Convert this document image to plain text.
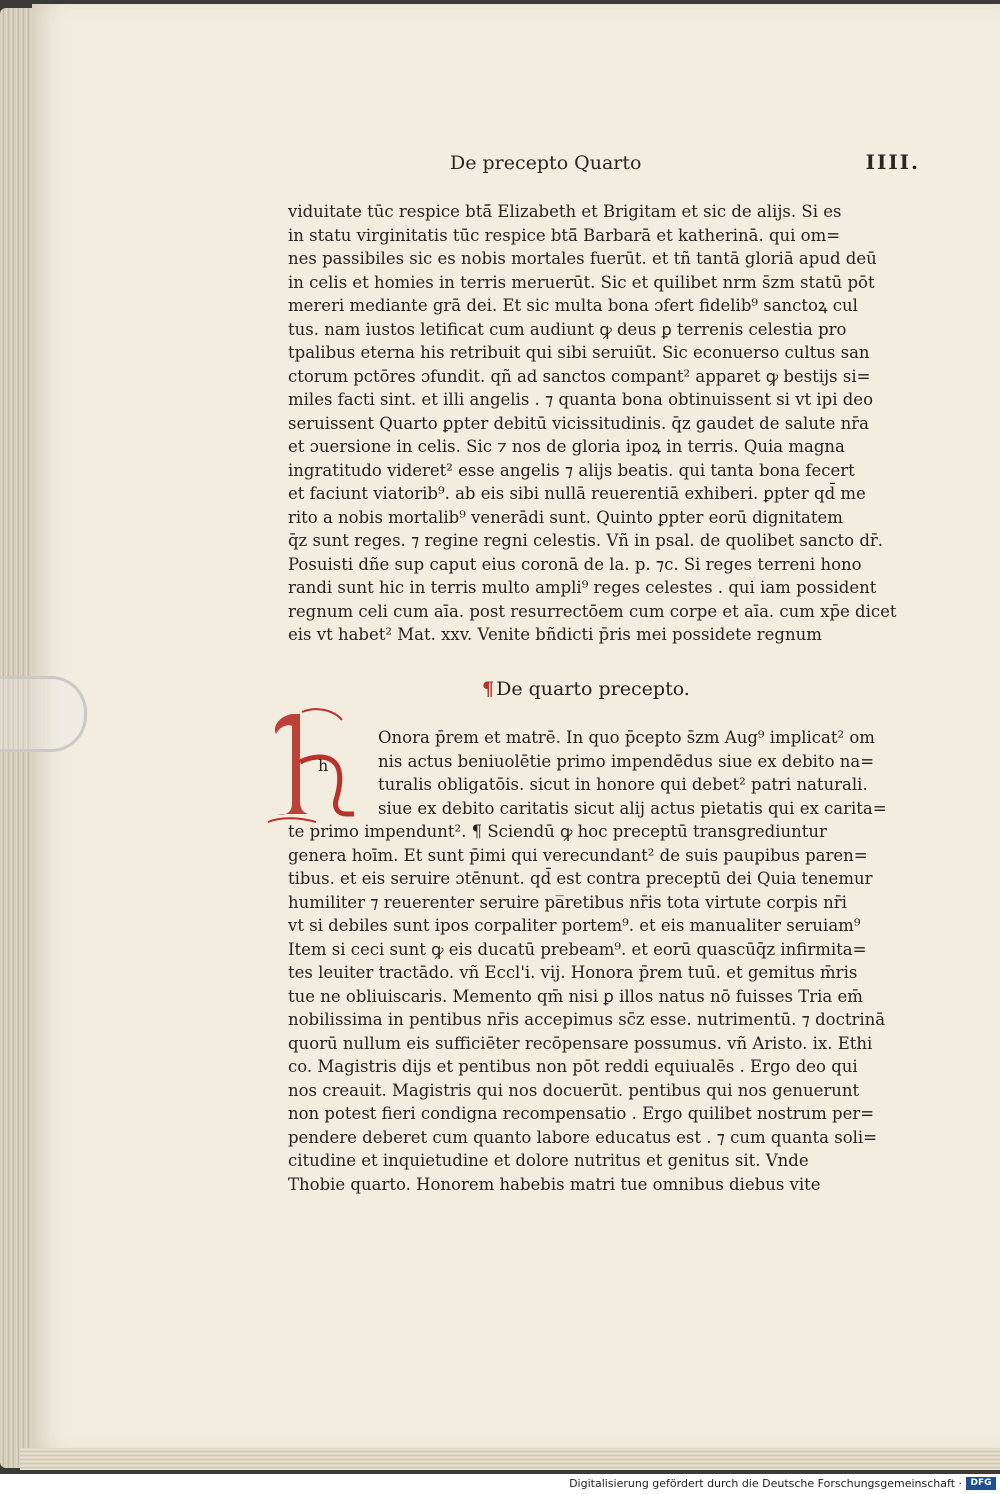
De precepto Quarto	IIII.
viduitate tūc respice btā̄ Elizabeth et Brigitam et sic de alijs. Si es
in statu virginitatis tūc respice btā̄ Barbarā et katherinā. qui om=
nes passibiles sic es nobis mortales fuerūt. et tñ tantā gloriā apud deū
in celis et homies in terris meruerūt. Sic et quilibet nrm s̄zm statū pōt
mereri mediante grā dei. Et sic multa bona ɔfert fidelib⁹ sanctoꝝ cul
tus. nam iustos letificat cum audiunt ꝙ deus ꝑ terrenis celestia pro
tpalibus eterna his retribuit qui sibi seruiūt. Sic econuerso cultus san
ctorum pctōres ɔfundit. qñ ad sanctos compant² apparet ꝙ bestijs si=
miles facti sint. et illi angelis . ⁊ quanta bona obtinuissent si vt ipi deo
seruissent Quarto ꝑpter debitū vicissitudinis. q̄z gaudet de salute nr̄a
et ɔuersione in celis. Sic ⁊ nos de gloria ipoꝝ in terris. Quia magna
ingratitudo videret² esse angelis ⁊ alijs beatis. qui tanta bona fecert
et faciunt viatorib⁹. ab eis sibi nullā reuerentiā exhiberi. ꝑpter qd̄ me
rito a nobis mortalib⁹ venerādi sunt. Quinto ꝑpter eorū dignitatem
q̄z sunt reges. ⁊ regine regni celestis. Vñ in psal. de quolibet sancto dr̄.
Posuisti dñe sup caput eius coronā de la. p. ⁊c. Si reges terreni hono
randi sunt hic in terris multo ampli⁹ reges celestes . qui iam possident
regnum celi cum aīa. post resurrectōem cum corpe et aīa. cum xp̄e dicet
eis vt habet² Mat. xxv. Venite bñdicti p̄ris mei possidete regnum
¶ De quarto precepto.
h
Onora p̄rem et matrē. In quo p̄cepto s̄zm Aug⁹ implicat² om
nis actus beniuolētie primo impendēdus siue ex debito na=
turalis obligatōis. sicut in honore qui debet² patri naturali.
siue ex debito caritatis sicut alij actus pietatis qui ex carita=
te primo impendunt². ¶ Sciendū ꝙ hoc preceptū transgrediuntur
genera hoīm. Et sunt p̄imi qui verecundant² de suis paupibus paren=
tibus. et eis seruire ɔtēnunt. qd̄ est contra preceptū dei Quia tenemur
humiliter ⁊ reuerenter seruire pa̅retibus nr̄is tota virtute corpis nr̄i
vt si debiles sunt ipos corpaliter portem⁹. et eis manualiter seruiam⁹
Item si ceci sunt ꝙ eis ducatū prebeam⁹. et eorū quascūq̄z infirmita=
tes leuiter tractādo. vñ Eccl'i. vij. Honora p̄rem tuū. et gemitus m̄ris
tue ne obliuiscaris. Memento qm̄ nisi ꝑ illos natus nō fuisses Tria em̄
nobilissima in pentibus nr̄is accepimus sc̄z esse. nutrimentū. ⁊ doctrinā
quorū nullum eis sufficiēter recōpensare possumus. vñ Aristo. ix. Ethi
co. Magistris dijs et pentibus non pōt reddi equiualēs . Ergo deo qui
nos creauit. Magistris qui nos docuerūt. pentibus qui nos genuerunt
non potest fieri condigna recompensatio . Ergo quilibet nostrum per=
pendere deberet cum quanto labore educatus est . ⁊ cum quanta soli=
citudine et inquietudine et dolore nutritus et genitus sit. Vnde
Thobie quarto. Honorem habebis matri tue omnibus diebus vite
Digitalisierung gefördert durch die Deutsche Forschungsgemeinschaft · DFG
